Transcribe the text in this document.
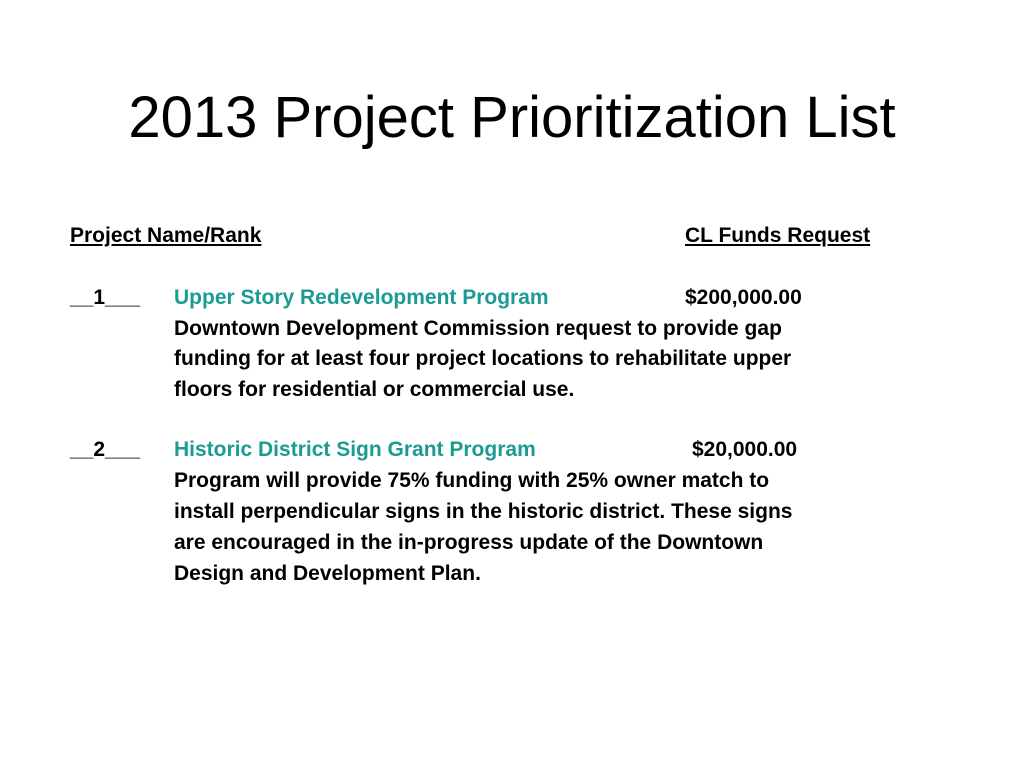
2013 Project Prioritization List
Project Name/Rank	CL Funds Request
__1___ Upper Story Redevelopment Program	$200,000.00
Downtown Development Commission request to provide gap
funding for at least four project locations to rehabilitate upper
floors for residential or commercial use.
__2___ Historic District Sign Grant Program	$20,000.00
Program will provide 75% funding with 25% owner match to
install perpendicular signs in the historic district. These signs
are encouraged in the in-progress update of the Downtown
Design and Development Plan.
